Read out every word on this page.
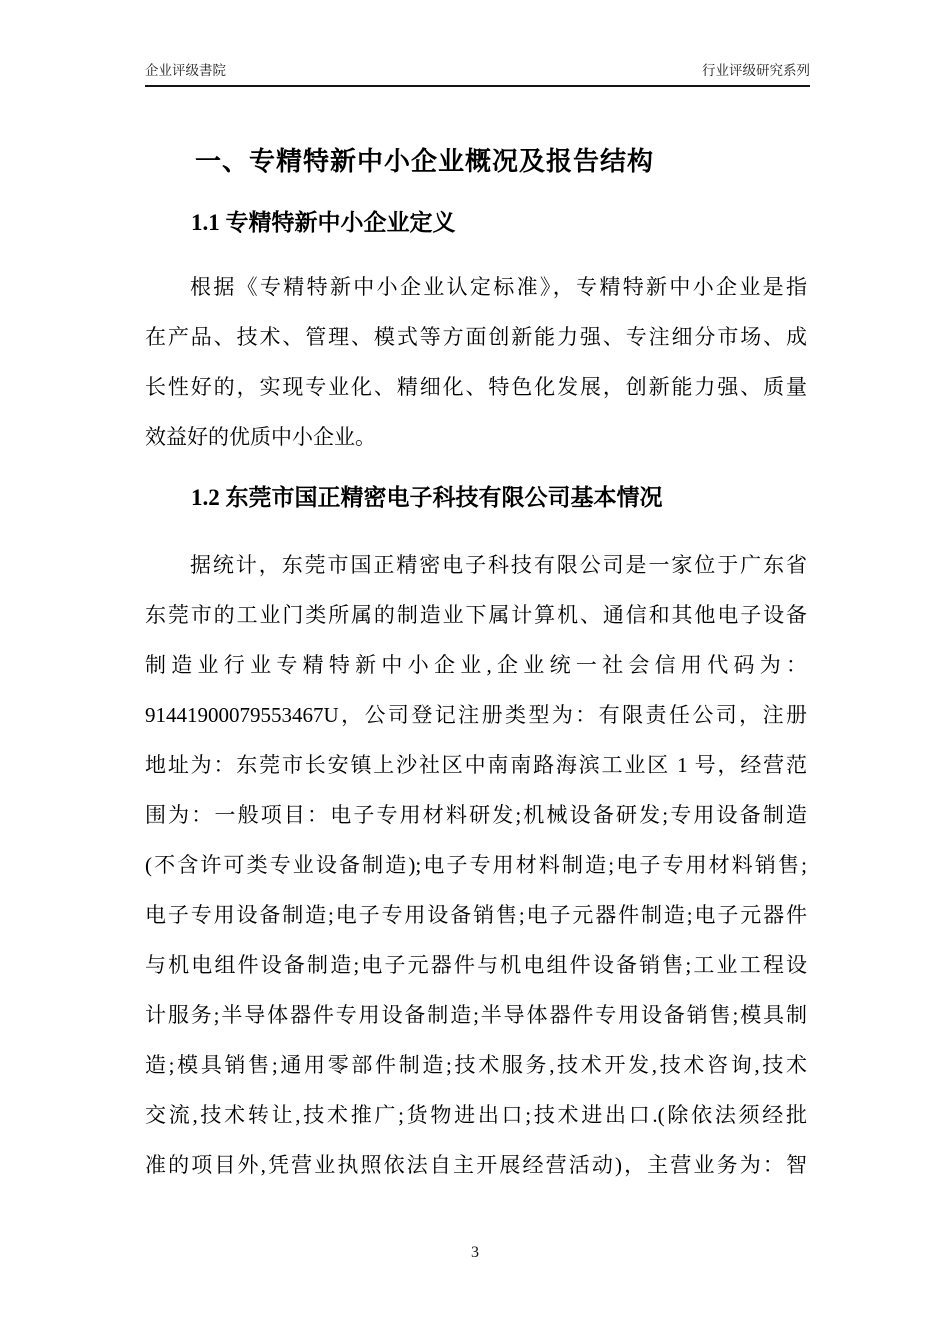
企业评级書院	行业评级研究系列
一、专精特新中小企业概况及报告结构
1.1 专精特新中小企业定义
根据《专精特新中小企业认定标准》，专精特新中小企业是指
在产品、技术、管理、模式等方面创新能力强、专注细分市场、成
长性好的，实现专业化、精细化、特色化发展，创新能力强、质量
效益好的优质中小企业。
1.2 东莞市国正精密电子科技有限公司基本情况
据统计，东莞市国正精密电子科技有限公司是一家位于广东省
东莞市的工业门类所属的制造业下属计算机、通信和其他电子设备
制造业行业专精特新中小企业,企业统一社会信用代码为：
91441900079553467U，公司登记注册类型为：有限责任公司，注册
地址为：东莞市长安镇上沙社区中南南路海滨工业区 1 号，经营范
围为：一般项目：电子专用材料研发;机械设备研发;专用设备制造
(不含许可类专业设备制造);电子专用材料制造;电子专用材料销售;
电子专用设备制造;电子专用设备销售;电子元器件制造;电子元器件
与机电组件设备制造;电子元器件与机电组件设备销售;工业工程设
计服务;半导体器件专用设备制造;半导体器件专用设备销售;模具制
造;模具销售;通用零部件制造;技术服务,技术开发,技术咨询,技术
交流,技术转让,技术推广;货物进出口;技术进出口.(除依法须经批
准的项目外,凭营业执照依法自主开展经营活动)，主营业务为：智
3
